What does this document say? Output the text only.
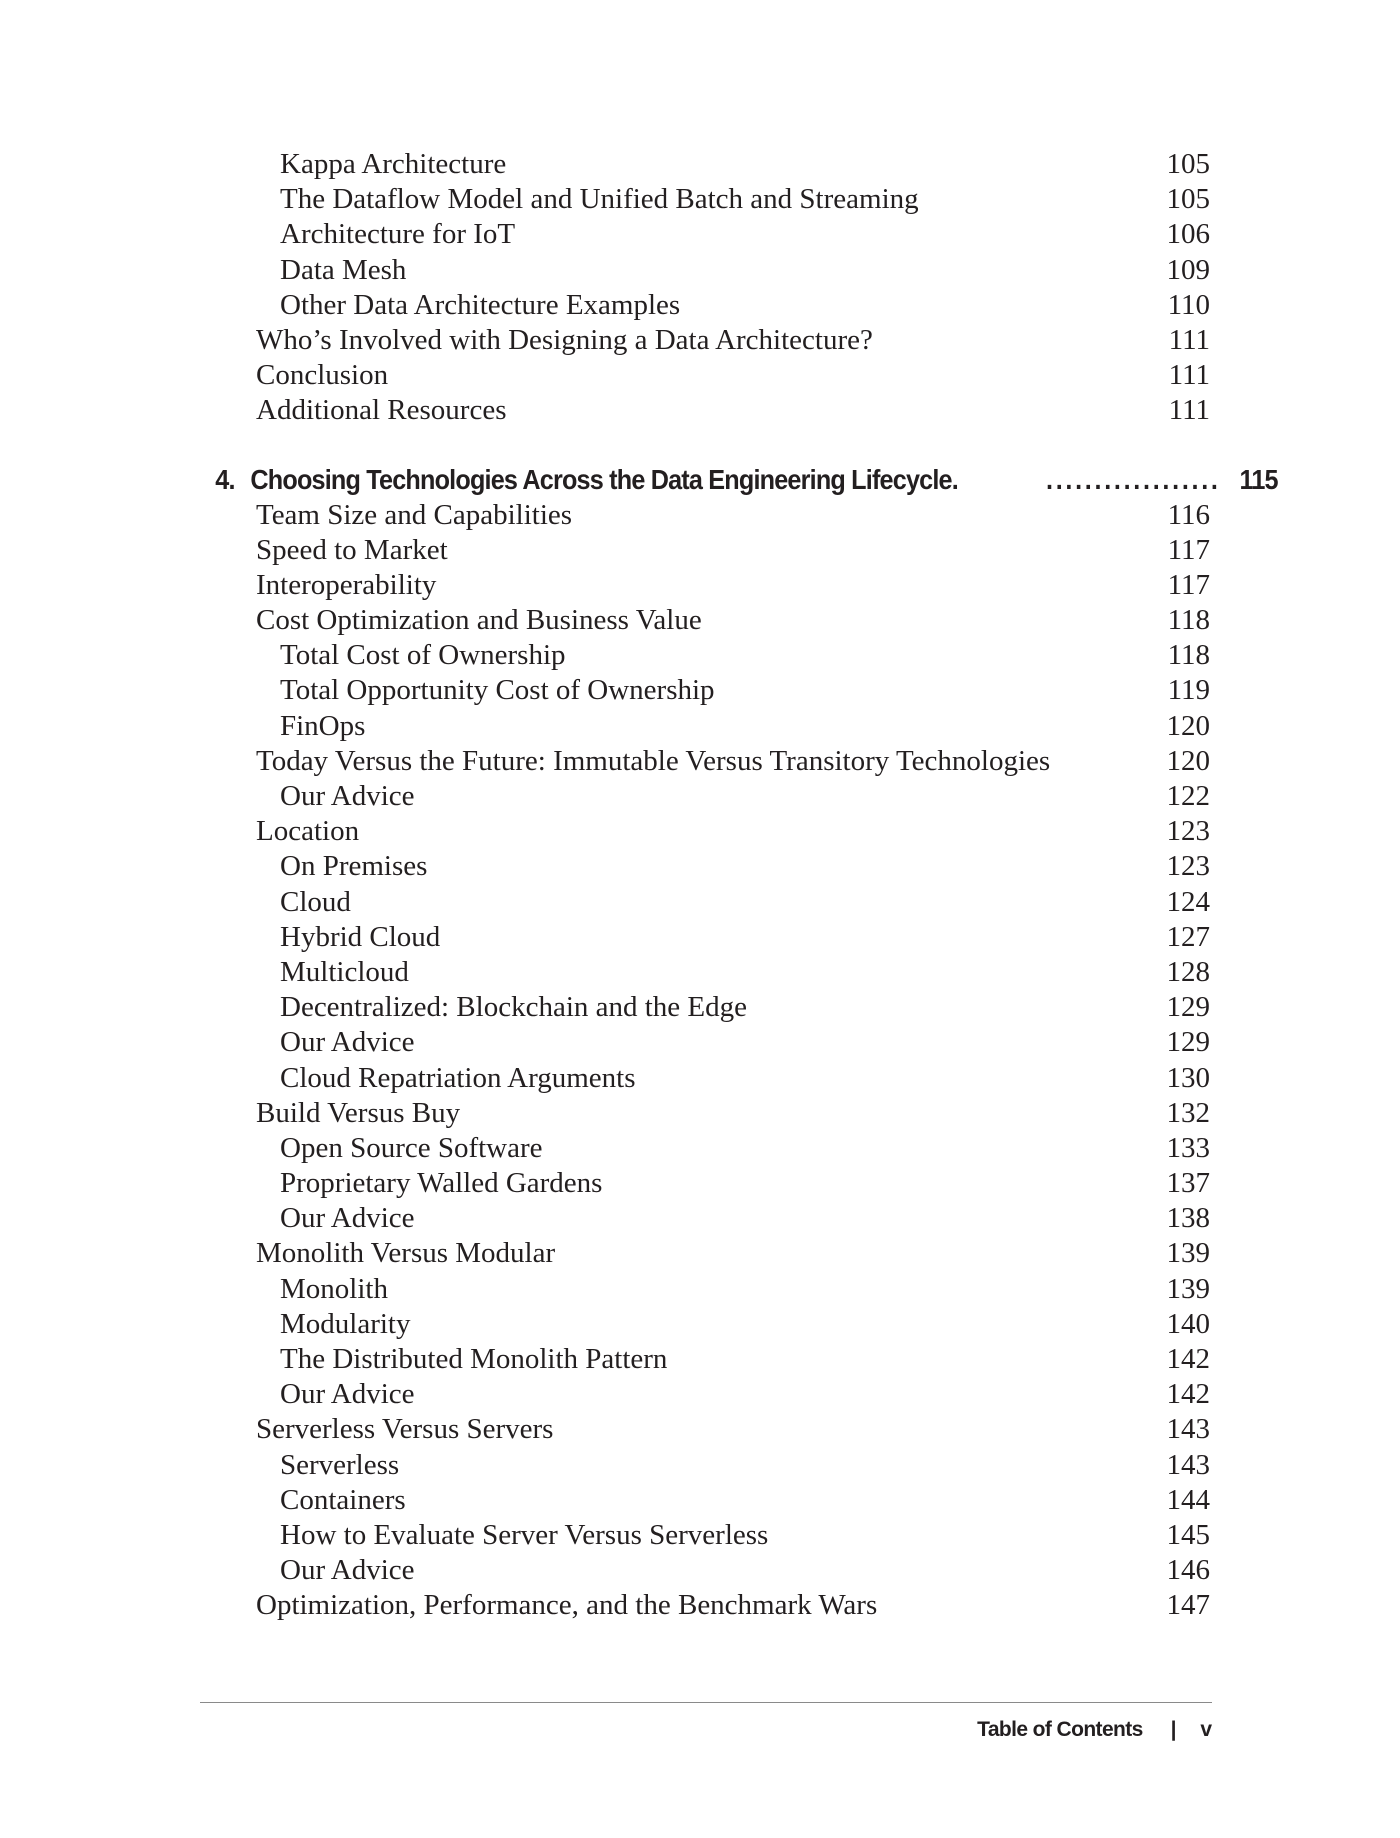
Kappa Architecture	105
The Dataflow Model and Unified Batch and Streaming	105
Architecture for IoT	106
Data Mesh	109
Other Data Architecture Examples	110
Who’s Involved with Designing a Data Architecture?	111
Conclusion	111
Additional Resources	111
4. Choosing Technologies Across the Data Engineering Lifecycle.	.................. 115
Team Size and Capabilities	116
Speed to Market	117
Interoperability	117
Cost Optimization and Business Value	118
Total Cost of Ownership	118
Total Opportunity Cost of Ownership	119
FinOps	120
Today Versus the Future: Immutable Versus Transitory Technologies	120
Our Advice	122
Location	123
On Premises	123
Cloud	124
Hybrid Cloud	127
Multicloud	128
Decentralized: Blockchain and the Edge	129
Our Advice	129
Cloud Repatriation Arguments	130
Build Versus Buy	132
Open Source Software	133
Proprietary Walled Gardens	137
Our Advice	138
Monolith Versus Modular	139
Monolith	139
Modularity	140
The Distributed Monolith Pattern	142
Our Advice	142
Serverless Versus Servers	143
Serverless	143
Containers	144
How to Evaluate Server Versus Serverless	145
Our Advice	146
Optimization, Performance, and the Benchmark Wars	147
Table of Contents | v
